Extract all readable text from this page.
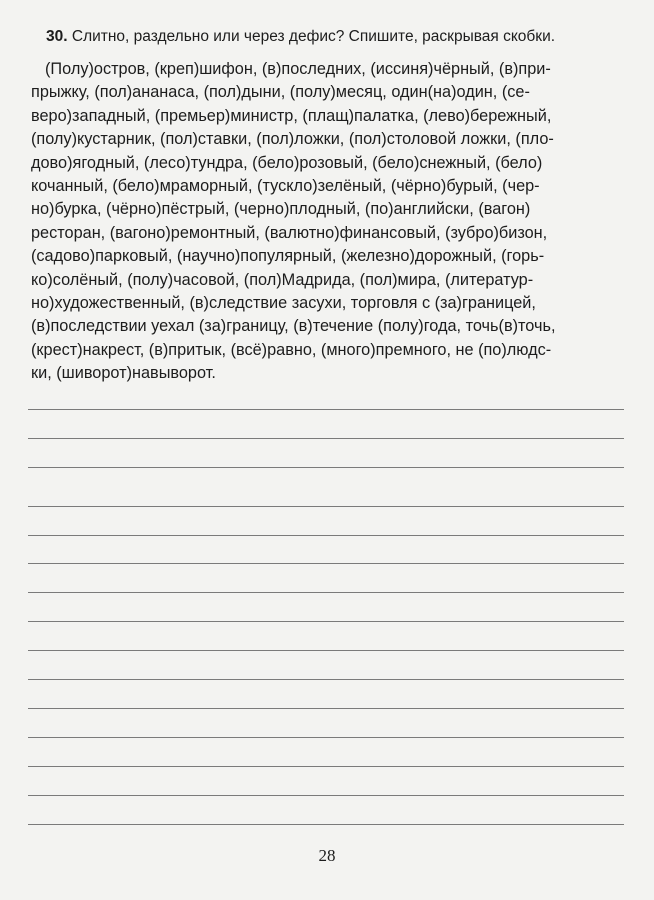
30. Слитно, раздельно или через дефис? Спишите, раскрывая скобки.
(Полу)остров, (креп)шифон, (в)последних, (иссиня)чёрный, (в)при-
прыжку, (пол)ананаса, (пол)дыни, (полу)месяц, один(на)один, (се-
веро)западный, (премьер)министр, (плащ)палатка, (лево)бережный,
(полу)кустарник, (пол)ставки, (пол)ложки, (пол)столовой ложки, (пло-
дово)ягодный, (лесо)тундра, (бело)розовый, (бело)снежный, (бело)
кочанный, (бело)мраморный, (тускло)зелёный, (чёрно)бурый, (чер-
но)бурка, (чёрно)пёстрый, (черно)плодный, (по)английски, (вагон)
ресторан, (вагоно)ремонтный, (валютно)финансовый, (зубро)бизон,
(садово)парковый, (научно)популярный, (железно)дорожный, (горь-
ко)солёный, (полу)часовой, (пол)Мадрида, (пол)мира, (литератур-
но)художественный, (в)следствие засухи, торговля с (за)границей,
(в)последствии уехал (за)границу, (в)течение (полу)года, точь(в)точь,
(крест)накрест, (в)притык, (всё)равно, (много)премного, не (по)людс-
ки, (шиворот)навыворот.
28
